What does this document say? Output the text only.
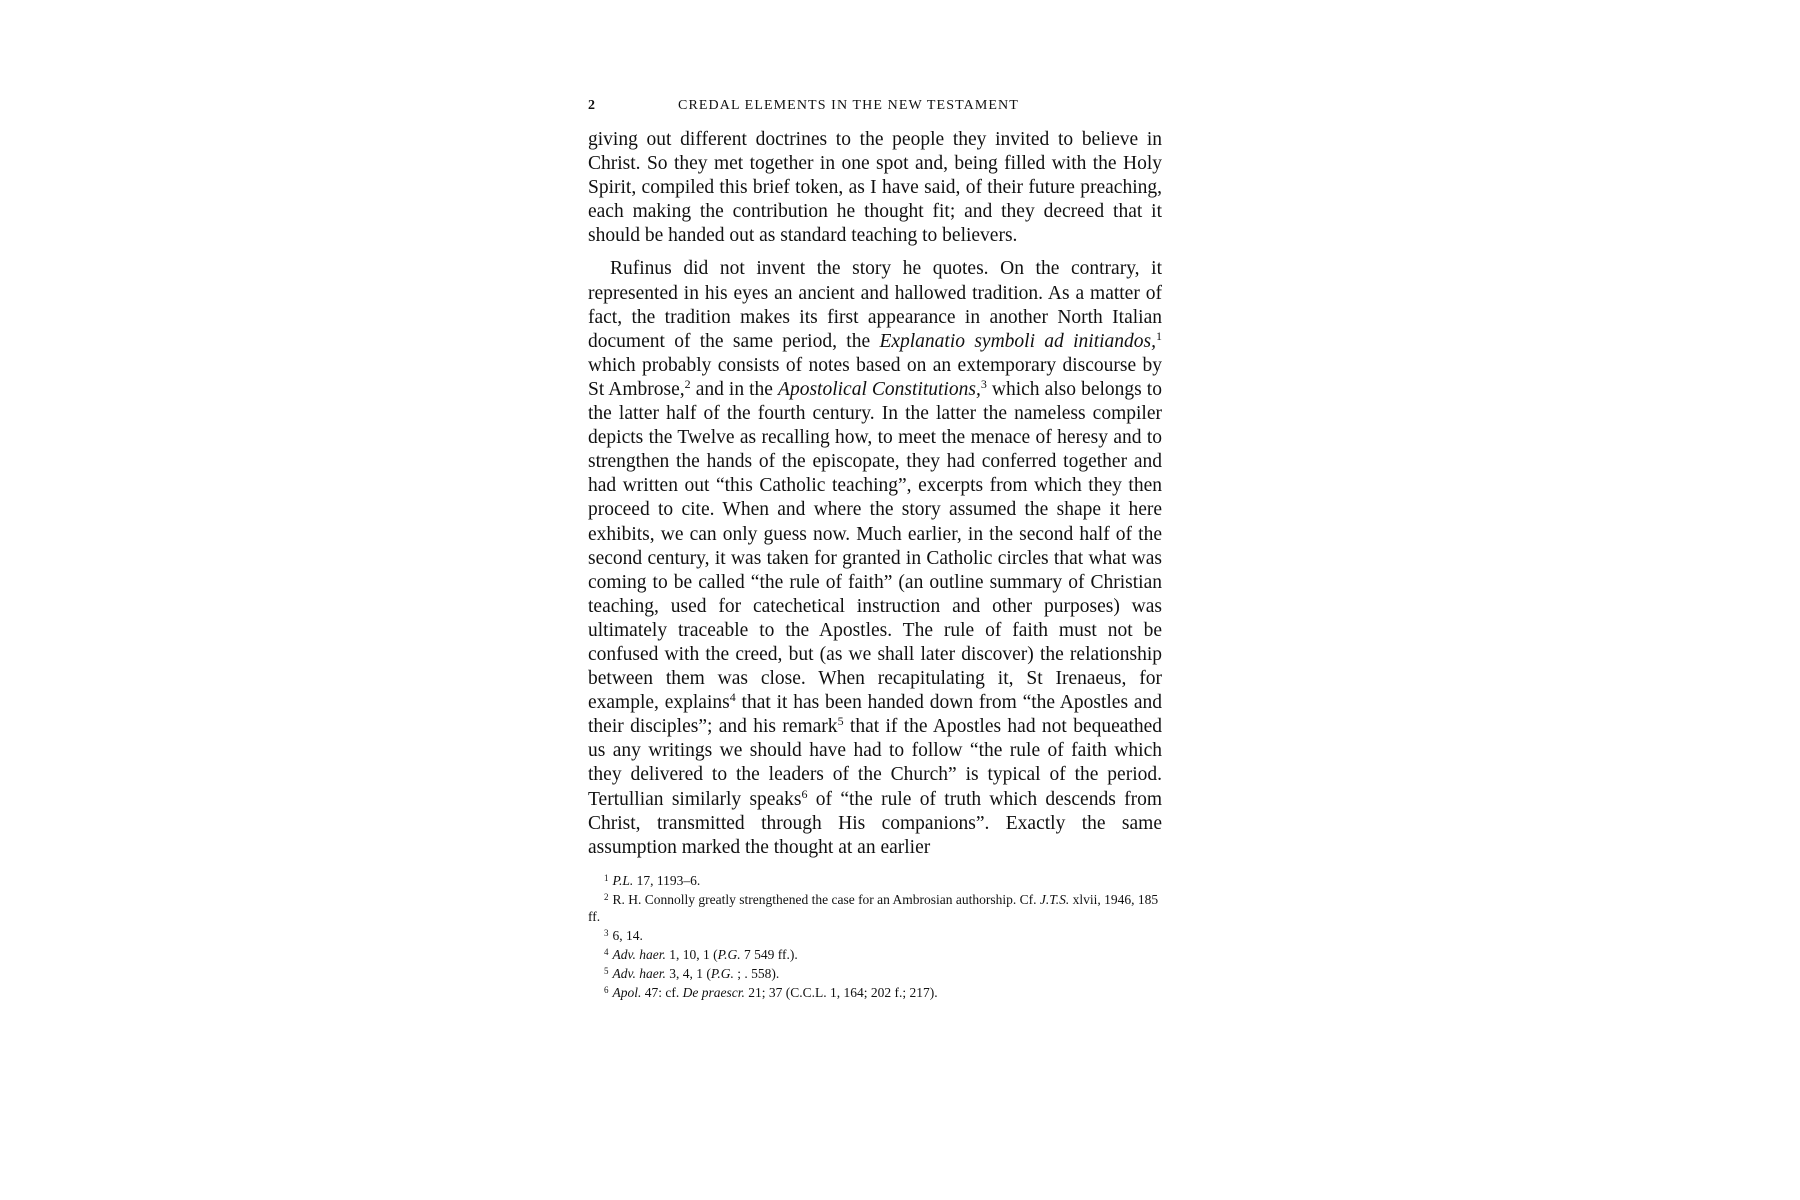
2	CREDAL ELEMENTS IN THE NEW TESTAMENT

giving out different doctrines to the people they invited to believe in Christ. So they met together in one spot and, being filled with the Holy Spirit, compiled this brief token, as I have said, of their future preaching, each making the contribution he thought fit; and they decreed that it should be handed out as standard teaching to believers.

Rufinus did not invent the story he quotes. On the contrary, it represented in his eyes an ancient and hallowed tradition. As a matter of fact, the tradition makes its first appearance in another North Italian document of the same period, the Explanatio symboli ad initiandos,$^1$ which probably consists of notes based on an extemporary discourse by St Ambrose,$^2$ and in the Apostolical Constitutions,$^3$ which also belongs to the latter half of the fourth century. In the latter the nameless compiler depicts the Twelve as recalling how, to meet the menace of heresy and to strengthen the hands of the episcopate, they had conferred together and had written out “this Catholic teaching”, excerpts from which they then proceed to cite. When and where the story assumed the shape it here exhibits, we can only guess now. Much earlier, in the second half of the second century, it was taken for granted in Catholic circles that what was coming to be called “the rule of faith” (an outline summary of Christian teaching, used for catechetical instruction and other purposes) was ultimately traceable to the Apostles. The rule of faith must not be confused with the creed, but (as we shall later discover) the relationship between them was close. When recapitulating it, St Irenaeus, for example, explains$^4$ that it has been handed down from “the Apostles and their disciples”; and his remark$^5$ that if the Apostles had not bequeathed us any writings we should have had to follow “the rule of faith which they delivered to the leaders of the Church” is typical of the period. Tertullian similarly speaks$^6$ of “the rule of truth which descends from Christ, transmitted through His companions”. Exactly the same assumption marked the thought at an earlier

$^1$ P.L. 17, 1193–6.

$^2$ R. H. Connolly greatly strengthened the case for an Ambrosian authorship. Cf. J.T.S. xlvii, 1946, 185 ff.

$^3$ 6, 14.

$^4$ Adv. haer. 1, 10, 1 (P.G. 7 549 ff.).

$^5$ Adv. haer. 3, 4, 1 (P.G. ; . 558).

$^6$ Apol. 47: cf. De praescr. 21; 37 (C.C.L. 1, 164; 202 f.; 217).
